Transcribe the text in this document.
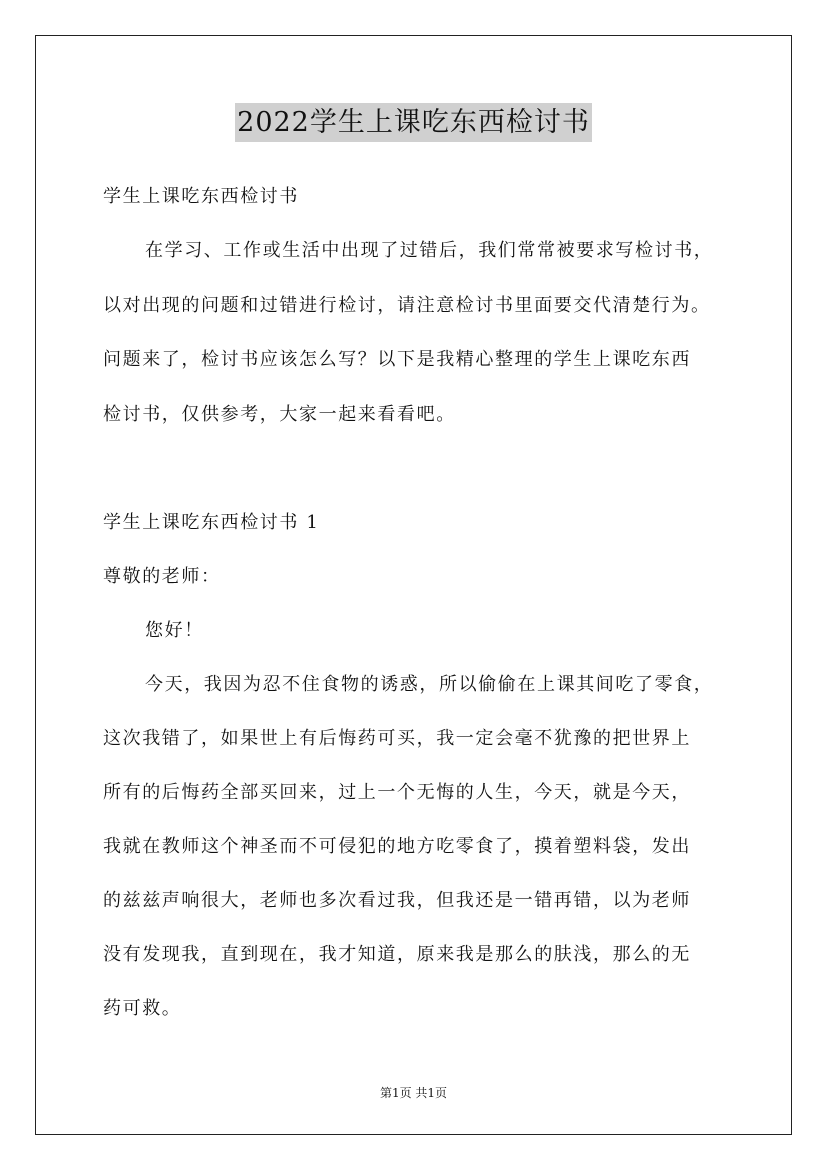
2022学生上课吃东西检讨书
学生上课吃东西检讨书
在学习、工作或生活中出现了过错后，我们常常被要求写检讨书，
以对出现的问题和过错进行检讨，请注意检讨书里面要交代清楚行为。
问题来了，检讨书应该怎么写？以下是我精心整理的学生上课吃东西
检讨书，仅供参考，大家一起来看看吧。
学生上课吃东西检讨书 1
尊敬的老师：
您好！
今天，我因为忍不住食物的诱惑，所以偷偷在上课其间吃了零食，
这次我错了，如果世上有后悔药可买，我一定会毫不犹豫的把世界上
所有的后悔药全部买回来，过上一个无悔的人生，今天，就是今天，
我就在教师这个神圣而不可侵犯的地方吃零食了，摸着塑料袋，发出
的兹兹声响很大，老师也多次看过我，但我还是一错再错，以为老师
没有发现我，直到现在，我才知道，原来我是那么的肤浅，那么的无
药可救。
第1页 共1页
